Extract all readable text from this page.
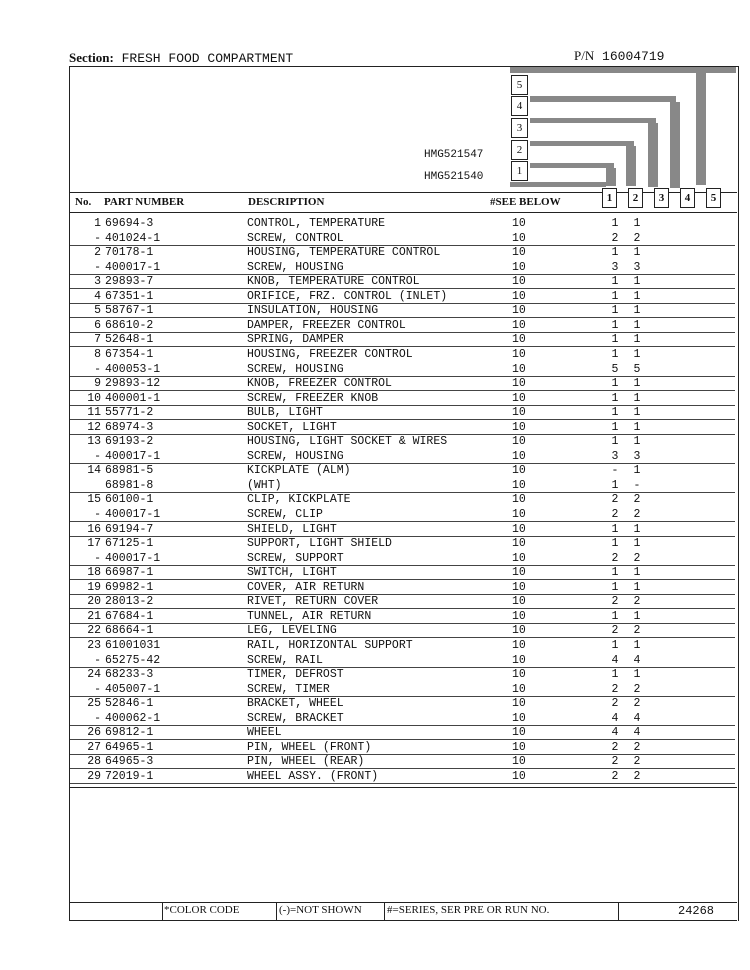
Section: FRESH FOOD COMPARTMENT	P/N 16004719
5
4
3
2
1
HMG521547
HMG521540
No. PART NUMBER	DESCRIPTION	#SEE BELOW	1	2	3	4	5
1 69694-3	CONTROL, TEMPERATURE	10	1 1
- 401024-1	SCREW, CONTROL	10	2 2
2 70178-1	HOUSING, TEMPERATURE CONTROL	10	1 1
- 400017-1	SCREW, HOUSING	10	3 3
3 29893-7	KNOB, TEMPERATURE CONTROL	10	1 1
4 67351-1	ORIFICE, FRZ. CONTROL (INLET)	10	1 1
5 58767-1	INSULATION, HOUSING	10	1 1
6 68610-2	DAMPER, FREEZER CONTROL	10	1 1
7 52648-1	SPRING, DAMPER	10	1 1
8 67354-1	HOUSING, FREEZER CONTROL	10	1 1
- 400053-1	SCREW, HOUSING	10	5 5
9 29893-12	KNOB, FREEZER CONTROL	10	1 1
10 400001-1	SCREW, FREEZER KNOB	10	1 1
11 55771-2	BULB, LIGHT	10	1 1
12 68974-3	SOCKET, LIGHT	10	1 1
13 69193-2	HOUSING, LIGHT SOCKET & WIRES	10	1 1
- 400017-1	SCREW, HOUSING	10	3 3
14 68981-5	KICKPLATE (ALM)	10	- 1
68981-8	(WHT)	10	1 -
15 60100-1	CLIP, KICKPLATE	10	2 2
- 400017-1	SCREW, CLIP	10	2 2
16 69194-7	SHIELD, LIGHT	10	1 1
17 67125-1	SUPPORT, LIGHT SHIELD	10	1 1
- 400017-1	SCREW, SUPPORT	10	2 2
18 66987-1	SWITCH, LIGHT	10	1 1
19 69982-1	COVER, AIR RETURN	10	1 1
20 28013-2	RIVET, RETURN COVER	10	2 2
21 67684-1	TUNNEL, AIR RETURN	10	1 1
22 68664-1	LEG, LEVELING	10	2 2
23 61001031	RAIL, HORIZONTAL SUPPORT	10	1 1
- 65275-42	SCREW, RAIL	10	4 4
24 68233-3	TIMER, DEFROST	10	1 1
- 405007-1	SCREW, TIMER	10	2 2
25 52846-1	BRACKET, WHEEL	10	2 2
- 400062-1	SCREW, BRACKET	10	4 4
26 69812-1	WHEEL	10	4 4
27 64965-1	PIN, WHEEL (FRONT)	10	2 2
28 64965-3	PIN, WHEEL (REAR)	10	2 2
29 72019-1	WHEEL ASSY. (FRONT)	10	2 2
*COLOR CODE	(-)=NOT SHOWN #=SERIES, SER PRE OR RUN NO.	24268
